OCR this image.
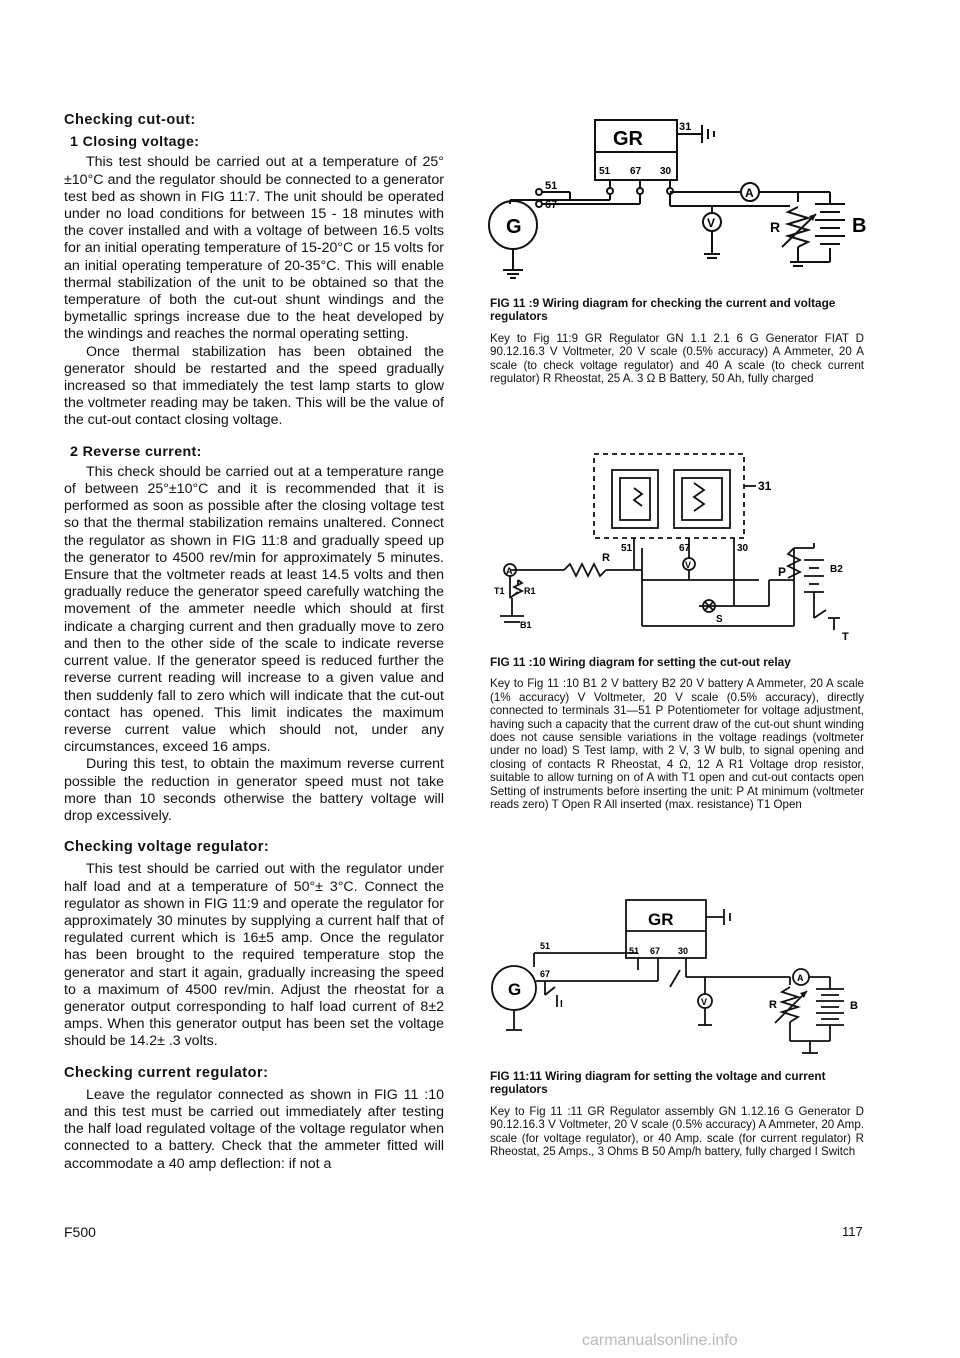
Checking cut-out:
1 Closing voltage:

This test should be carried out at a temperature of 25°±10°C and the regulator should be connected to a generator test bed as shown in FIG 11:7. The unit should be operated under no load conditions for between 15 - 18 minutes with the cover installed and with a voltage of between 16.5 volts for an initial operating temperature of 15-20°C or 15 volts for an initial operating temperature of 20-35°C. This will enable thermal stabilization of the unit to be obtained so that the temperature of both the cut-out shunt windings and the bymetallic springs increase due to the heat developed by the windings and reaches the normal operating setting.

Once thermal stabilization has been obtained the generator should be restarted and the speed gradually increased so that immediately the test lamp starts to glow the voltmeter reading may be taken. This will be the value of the cut-out contact closing voltage.

2 Reverse current:

This check should be carried out at a temperature range of between 25°±10°C and it is recommended that it is performed as soon as possible after the closing voltage test so that the thermal stabilization remains unaltered. Connect the regulator as shown in FIG 11:8 and gradually speed up the generator to 4500 rev/min for approximately 5 minutes. Ensure that the voltmeter reads at least 14.5 volts and then gradually reduce the generator speed carefully watching the movement of the ammeter needle which should at first indicate a charging current and then gradually move to zero and then to the other side of the scale to indicate reverse current value. If the generator speed is reduced further the reverse current reading will increase to a given value and then suddenly fall to zero which will indicate that the cut-out contact has opened. This limit indicates the maximum reverse current value which should not, under any circumstances, exceed 16 amps.

During this test, to obtain the maximum reverse current possible the reduction in generator speed must not take more than 10 seconds otherwise the battery voltage will drop excessively.

Checking voltage regulator:

This test should be carried out with the regulator under half load and at a temperature of 50°± 3°C. Connect the regulator as shown in FIG 11:9 and operate the regulator for approximately 30 minutes by supplying a current half that of regulated current which is 16±5 amp. Once the regulator has been brought to the required temperature stop the generator and start it again, gradually increasing the speed to a maximum of 4500 rev/min. Adjust the rheostat for a generator output corresponding to half load current of 8±2 amps. When this generator output has been set the voltage should be 14.2± .3 volts.

Checking current regulator:

Leave the regulator connected as shown in FIG 11 :10 and this test must be carried out immediately after testing the half load regulated voltage of the voltage regulator when connected to a battery. Check that the ammeter fitted will accommodate a 40 amp deflection: if not a

GR
31
51 67 30
51
67
G
A
V	R	B

FIG 11 :9 Wiring diagram for checking the current and voltage regulators

Key to Fig 11:9 GR Regulator GN 1.1 2.1 6 G Generator FIAT D 90.12.16.3 V Voltmeter, 20 V scale (0.5% accuracy) A Ammeter, 20 A scale (to check voltage regulator) and 40 A scale (to check current regulator) R Rheostat, 25 A. 3 Ω B Battery, 50 Ah, fully charged

31
51	67	30
A
R
V
S
P
T1 R1
B1
B2
T

FIG 11 :10 Wiring diagram for setting the cut-out relay

Key to Fig 11 :10 B1 2 V battery B2 20 V battery A Ammeter, 20 A scale (1% accuracy) V Voltmeter, 20 V scale (0.5% accuracy), directly connected to terminals 31—51 P Potentiometer for voltage adjustment, having such a capacity that the current draw of the cut-out shunt winding does not cause sensible variations in the voltage readings (voltmeter under no load) S Test lamp, with 2 V, 3 W bulb, to signal opening and closing of contacts R Rheostat, 4 Ω, 12 A R1 Voltage drop resistor, suitable to allow turning on of A with T1 open and cut-out contacts open Setting of instruments before inserting the unit: P At minimum (voltmeter reads zero) T Open R All inserted (max. resistance) T1 Open

GR
51 67 30
51
67
G
I	V
A
R	B

FIG 11:11 Wiring diagram for setting the voltage and current regulators

Key to Fig 11 :11 GR Regulator assembly GN 1.12.16 G Generator D 90.12.16.3 V Voltmeter, 20 V scale (0.5% accuracy) A Ammeter, 20 Amp. scale (for voltage regulator), or 40 Amp. scale (for current regulator) R Rheostat, 25 Amps., 3 Ohms B 50 Amp/h battery, fully charged I Switch

F500	117
carmanualsonline.info
